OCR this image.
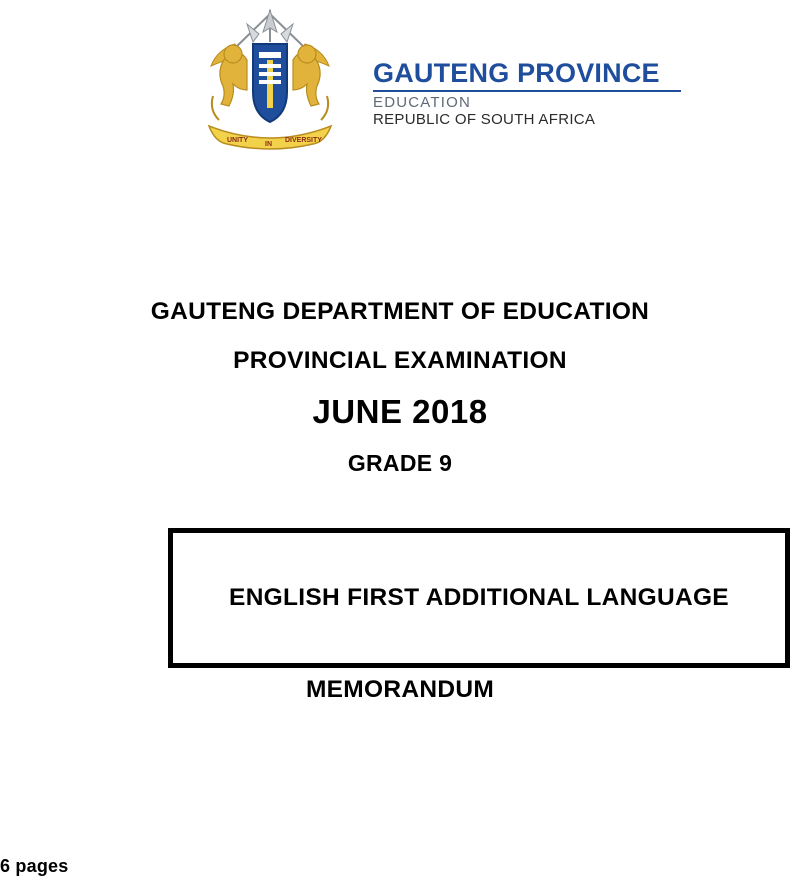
UNITY
IN
DIVERSITY
GAUTENG PROVINCE
EDUCATION
REPUBLIC OF SOUTH AFRICA
GAUTENG DEPARTMENT OF EDUCATION
PROVINCIAL EXAMINATION
JUNE 2018
GRADE 9
ENGLISH FIRST ADDITIONAL LANGUAGE
MEMORANDUM
6 pages
